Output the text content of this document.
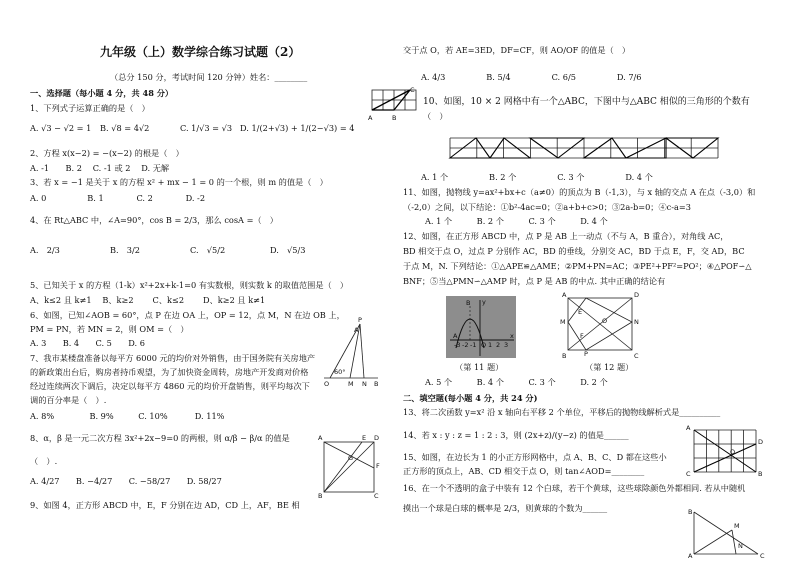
九年级（上）数学综合练习试题（2）
（总分 150 分，考试时间 120 分钟）姓名：________
一、选择题（每小题 4 分，共 48 分）
1、下列式子运算正确的是（　）
A. √3 − √2 = 1 B. √8 = 4√2	C. 1/√3 = √3 D. 1/(2+√3) + 1/(2−√3) = 4
2、方程 x(x−2) = −(x−2) 的根是（　）
A. -1　　B. 2　 C. -1 或 2　 D. 无解
3、若 x = −1 是关于 x 的方程 x² + mx − 1 = 0 的一个根，则 m 的值是（　）
A. 0　　　　　B. 1　　　　C. 2　　　　D. -2
4、在 Rt△ABC 中，∠A=90°，cos B = 2/3，那么 cosA =（　）
A.　2/3	B.　3/2	C.　√5/2	D.　√5/3
5、已知关于 x 的方程（1-k）x²+2x+k-1=0 有实数根，则实数 k 的取值范围是（　）
A、k≤2 且 k≠1　 B、k≥2　　 C、k≤2　　 D、k≥2 且 k≠1
6、如图，已知∠AOB = 60°，点 P 在边 OA 上，OP = 12，点 M，N 在边 OB 上，
PM = PN，若 MN = 2，则 OM =（　）
A. 3　　B. 4　　C. 5　　D. 6
7、我市某楼盘准备以每平方 6000 元的均价对外销售，由于国务院有关房地产
的新政策出台后，购房者持币观望，为了加快资金周转，房地产开发商对价格
经过连续两次下调后，决定以每平方 4860 元的均价开盘销售，则平均每次下
调的百分率是（　）.
A. 8%　　　　 B. 9%　　　C. 10%　　　 D. 11%
8、α，β 是一元二次方程 3x²+2x−9=0 的两根，则 α/β − β/α 的值是
（　）.
A. 4/27　　B. −4/27　　C. −58/27　　D. 58/27
9、如图 4，正方形 ABCD 中，E，F 分别在边 AD，CD 上，AF，BE 相
P
O	M N B
A
60°
A
B	C
D
E
F
G
交于点 O，若 AE=3ED，DF=CF，则 AO/OF 的值是（　）
A. 4/3　　　　　B. 5/4　　　　　C. 6/5　　　　　D. 7/6
10、如图，10 × 2 网格中有一个△ABC，下图中与△ABC 相似的三角形的个数有
（　）
A. 1 个　　　　　B. 2 个　　　　　C. 3 个　　　　　D. 4 个
11、如图，抛物线 y=ax²+bx+c（a≠0）的顶点为 B（-1,3），与 x 轴的交点 A 在点（-3,0）和
（-2,0）之间，以下结论：①b²-4ac=0；②a+b+c>0；③2a-b=0；④c-a=3
A. 1 个　　　B. 2 个　　　C. 3 个　　　D. 4 个
12、如图，在正方形 ABCD 中，点 P 是 AB 上一动点（不与 A，B 重合），对角线 AC，
BD 相交于点 O，过点 P 分别作 AC，BD 的垂线，分别交 AC，BD 于点 E，F，交 AD，BC
于点 M，N. 下列结论：①△APE≌△AME；②PM+PN=AC；③PE²+PF²=PO²；④△POF∽△
BNF；⑤当△PMN∽△AMP 时，点 P 是 AB 的中点. 其中正确的结论有
（第 11 题）	（第 12 题）
A. 5 个　　　B. 4 个　　　C. 3 个　　　D. 2 个
二、填空题(每小题 4 分，共 24 分)
13、将二次函数 y=x² 沿 x 轴向右平移 2 个单位，平移后的抛物线解析式是__________
14、若 x : y : z = 1 : 2 : 3，则 (2x+z)/(y−z) 的值是______
15、如图，在边长为 1 的小正方形网格中，点 A、B、C、D 都在这些小
正方形的顶点上，AB、CD 相交于点 O，则 tan∠AOD=________
16、在一个不透明的盒子中装有 12 个白球，若干个黄球，这些球除颜色外都相同. 若从中随机
摸出一个球是白球的概率是 2/3，则黄球的个数为______
A	B
C
y
x
-3 -2 -1 O 1 2 3
B
A
A	D
B	C
O
M	N
E
F
P
A
C
O
B
D
B
A
M
C
N
